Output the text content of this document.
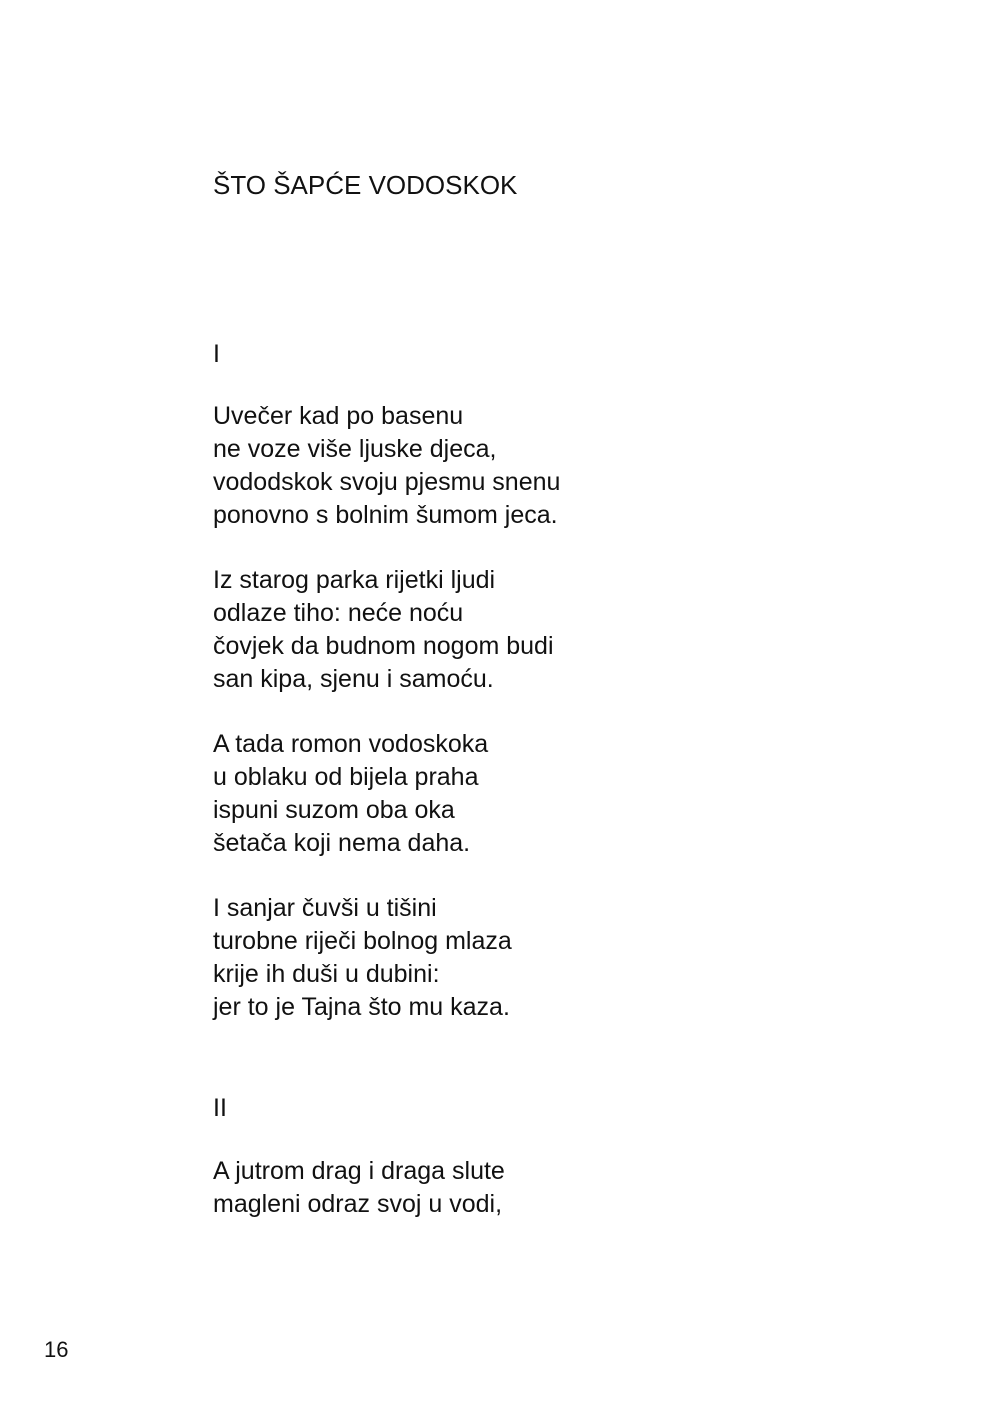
ŠTO ŠAPĆE VODOSKOK
I
Uvečer kad po basenu
ne voze više ljuske djeca,
vododskok svoju pjesmu snenu
ponovno s bolnim šumom jeca.
Iz starog parka rijetki ljudi
odlaze tiho: neće noću
čovjek da budnom nogom budi
san kipa, sjenu i samoću.
A tada romon vodoskoka
u oblaku od bijela praha
ispuni suzom oba oka
šetača koji nema daha.
I sanjar čuvši u tišini
turobne riječi bolnog mlaza
krije ih duši u dubini:
jer to je Tajna što mu kaza.
II
A jutrom drag i draga slute
magleni odraz svoj u vodi,
16
